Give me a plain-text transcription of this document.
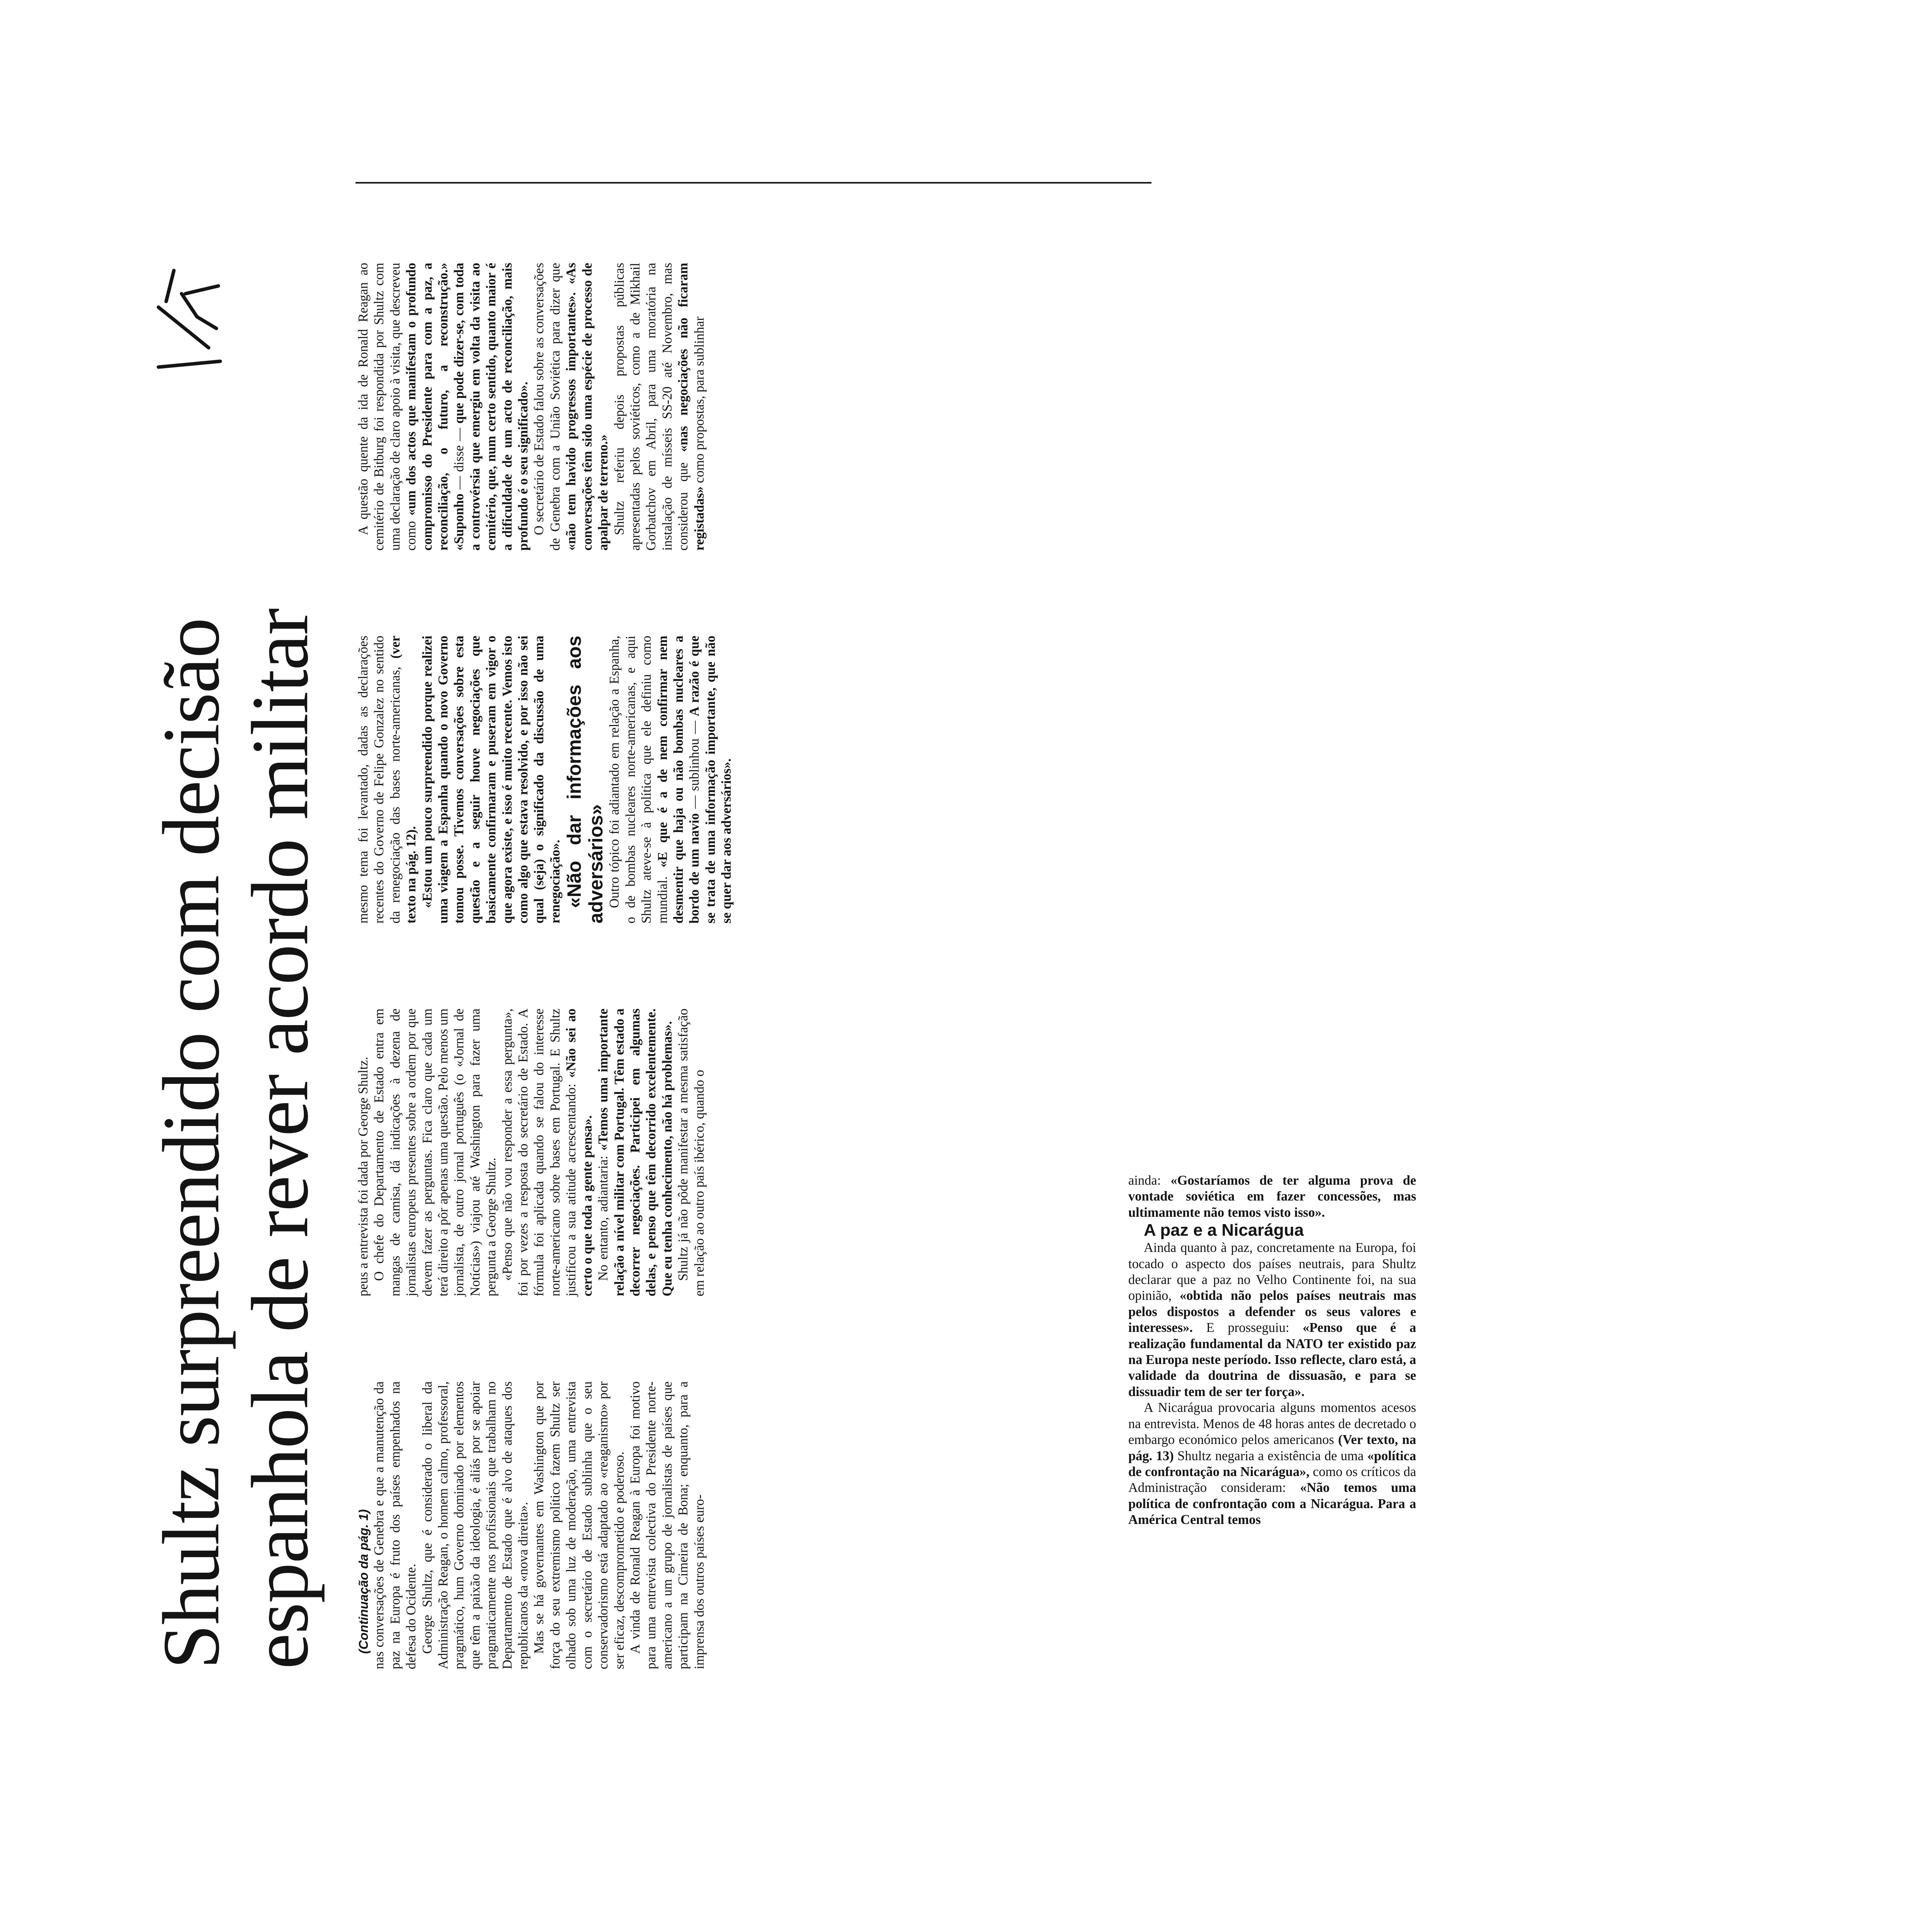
Shultz surpreendido com decisão
espanhola de rever acordo militar (Continuação da pág. 1) nas conversações de Genebra e que a manutenção da paz na Europa é fruto dos países empenhados na defesa do Ocidente. George Shultz, que é considerado o liberal da Administração Reagan, o homem calmo, professoral, pragmático, hum Governo dominado por elementos que têm a paixão da ideologia, é aliás por se apoiar pragmaticamente nos profissionais que trabalham no Departamento de Estado que é alvo de ataques dos republicanos da «nova direita». Mas se há governantes em Washington que por força do seu extremismo político fazem Shultz ser olhado sob uma luz de moderação, uma entrevista com o secretário de Estado sublinha que o seu conservadorismo está adaptado ao «reaganismo» por ser eficaz, descomprometido e poderoso. A vinda de Ronald Reagan à Europa foi motivo para uma entrevista colectiva do Presidente norte-americano a um grupo de jornalistas de países que participam na Cimeira de Bona; enquanto, para a imprensa dos outros países euro-

peus a entrevista foi dada por George Shultz. O chefe do Departamento de Estado entra em mangas de camisa, dá indicações à dezena de jornalistas europeus presentes sobre a ordem por que devem fazer as perguntas. Fica claro que cada um terá direito a pôr apenas uma questão. Pelo menos um jornalista, de outro jornal português (o «Jornal de Notícias») viajou até Washington para fazer uma pergunta a George Shultz. «Penso que não vou responder a essa pergunta», foi por vezes a resposta do secretário de Estado. A fórmula foi aplicada quando se falou do interesse norte-americano sobre bases em Portugal. E Shultz justificou a sua atitude acrescentando: «Não sei ao certo o que toda a gente pensa». No entanto, adiantaria: «Temos uma importante relação a nível militar com Portugal. Têm estado a decorrer negociações. Participei em algumas delas, e penso que têm decorrido excelentemente. Que eu tenha conhecimento, não há problemas». Shultz já não pôde manifestar a mesma satisfação em relação ao outro país ibérico, quando o

mesmo tema foi levantado, dadas as declarações recentes do Governo de Felipe Gonzalez no sentido da renegociação das bases norte-americanas, (ver texto na pág. 12). «Estou um pouco surpreendido porque realizei uma viagem a Espanha quando o novo Governo tomou posse. Tivemos conversações sobre esta questão e a seguir houve negociações que basicamente confirmaram e puseram em vigor o que agora existe, e isso é muito recente. Vemos isto como algo que estava resolvido, e por isso não sei qual (seja) o significado da discussão de uma renegociação». «Não dar informações aos adversários» Outro tópico foi adiantado em relação a Espanha, o de bombas nucleares norte-americanas, e aqui Shultz ateve-se à política que ele definiu como mundial. «E que é a de nem confirmar nem desmentir que haja ou não bombas nucleares a bordo de um navio — sublinhou — A razão é que se trata de uma informação importante, que não se quer dar aos adversários».

A questão quente da ida de Ronald Reagan ao cemitério de Bitburg foi respondida por Shultz com uma declaração de claro apoio à visita, que descreveu como «um dos actos que manifestam o profundo compromisso do Presidente para com a paz, a reconciliação, o futuro, a reconstrução.» «Suponho — disse — que pode dizer-se, com toda a controvérsia que emergiu em volta da visita ao cemitério, que, num certo sentido, quanto maior é a dificuldade de um acto de reconciliação, mais profundo é o seu significado». O secretário de Estado falou sobre as conversações de Genebra com a União Soviética para dizer que «não tem havido progressos importantes». «As conversações têm sido uma espécie de processo de apalpar de terreno.» Shultz referiu depois propostas públicas apresentadas pelos soviéticos, como a de Mikhail Gorbatchov em Abril, para uma moratória na instalação de mísseis SS-20 até Novembro, mas considerou que «nas negociações não ficaram registadas» como propostas, para sublinhar

ainda: «Gostaríamos de ter alguma prova de vontade soviética em fazer concessões, mas ultimamente não temos visto isso».

A paz e a Nicarágua

Ainda quanto à paz, concretamente na Europa, foi tocado o aspecto dos países neutrais, para Shultz declarar que a paz no Velho Continente foi, na sua opinião, «obtida não pelos países neutrais mas pelos dispostos a defender os seus valores e interesses». E prosseguiu: «Penso que é a realização fundamental da NATO ter existido paz na Europa neste período. Isso reflecte, claro está, a validade da doutrina de dissuasão, e para se dissuadir tem de ser ter força».

A Nicarágua provocaria alguns momentos acesos na entrevista. Menos de 48 horas antes de decretado o embargo económico pelos americanos (Ver texto, na pág. 13) Shultz negaria a existência de uma «política de confrontação na Nicarágua», como os críticos da Administração consideram: «Não temos uma política de confrontação com a Nicarágua. Para a América Central temos
